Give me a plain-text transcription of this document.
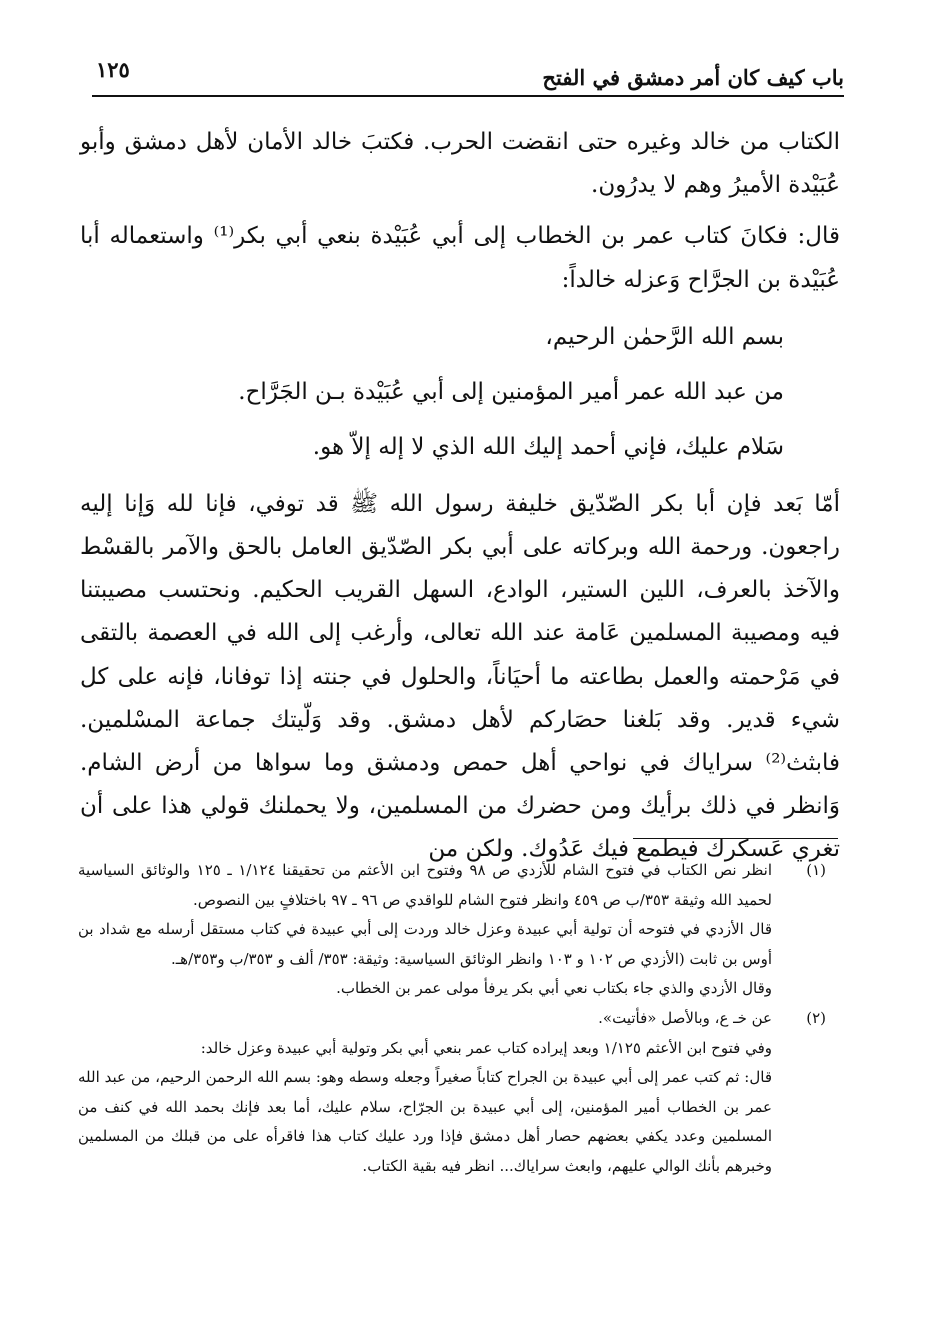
باب كيف كان أمر دمشق في الفتح
١٢٥

الكتاب من خالد وغيره حتى انقضت الحرب. فكتبَ خالد الأمان لأهل دمشق وأبو عُبَيْدة الأميرُ وهم لا يدرُون.

قال: فكانَ كتاب عمر بن الخطاب إلى أبي عُبَيْدة بنعي أبي بكر⁽¹⁾ واستعماله أبا عُبَيْدة بن الجرَّاح وَعزله خالداً:

بسم الله الرَّحمٰن الرحيم،

من عبد الله عمر أمير المؤمنين إلى أبي عُبَيْدة بـن الجَرَّاح.

سَلام عليك، فإني أحمد إليك الله الذي لا إله إلاّ هو.

أمّا بَعد فإن أبا بكر الصّدّيق خليفة رسول الله ﷺ قد توفي، فإنا لله وَإنا إليه راجعون. ورحمة الله وبركاته على أبي بكر الصّدّيق العامل بالحق والآمر بالقسْط والآخذ بالعرف، اللين الستير، الوادع، السهل القريب الحكيم. ونحتسب مصيبتنا فيه ومصيبة المسلمين عَامة عند الله تعالى، وأرغب إلى الله في العصمة بالتقى في مَرْحمته والعمل بطاعته ما أحيَاناً، والحلول في جنته إذا توفانا، فإنه على كل شيء قدير. وقد بَلغنا حصَاركم لأهل دمشق. وقد وَلّيتك جماعة المسْلمين. فابثث⁽²⁾ سراياك في نواحي أهل حمص ودمشق وما سواها من أرض الشام. وَانظر في ذلك برأيك ومن حضرك من المسلمين، ولا يحملنك قولي هذا على أن تغري عَسكرك فيطمع فيك عَدُوك. ولكن من

(١)

انظر نص الكتاب في فتوح الشام للأزدي ص ٩٨ وفتوح ابن الأعثم من تحقيقنا ١/١٢٤ ـ ١٢٥ والوثائق السياسية لحميد الله وثيقة ٣٥٣/ب ص ٤٥٩ وانظر فتوح الشام للواقدي ص ٩٦ ـ ٩٧ باختلافٍ بين النصوص.

قال الأزدي في فتوحه أن تولية أبي عبيدة وعزل خالد وردت إلى أبي عبيدة في كتاب مستقل أرسله مع شداد بن أوس بن ثابت (الأزدي ص ١٠٢ و ١٠٣ وانظر الوثائق السياسية: وثيقة: ٣٥٣/ ألف و ٣٥٣/ب و٣٥٣/هـ.

وقال الأزدي والذي جاء بكتاب نعي أبي بكر يرفأ مولى عمر بن الخطاب.

(٢)

عن خـ ع، وبالأصل «فأتيت».

وفي فتوح ابن الأعثم ١/١٢٥ وبعد إيراده كتاب عمر بنعي أبي بكر وتولية أبي عبيدة وعزل خالد:

قال: ثم كتب عمر إلى أبي عبيدة بن الجراح كتاباً صغيراً وجعله وسطه وهو: بسم الله الرحمن الرحيم، من عبد الله عمر بن الخطاب أمير المؤمنين، إلى أبي عبيدة بن الجرّاح، سلام عليك، أما بعد فإنك بحمد الله في كنف من المسلمين وعدد يكفي بعضهم حصار أهل دمشق فإذا ورد عليك كتاب هذا فاقرأه على من قبلك من المسلمين وخبرهم بأنك الوالي عليهم، وابعث سراياك... انظر فيه بقية الكتاب.
